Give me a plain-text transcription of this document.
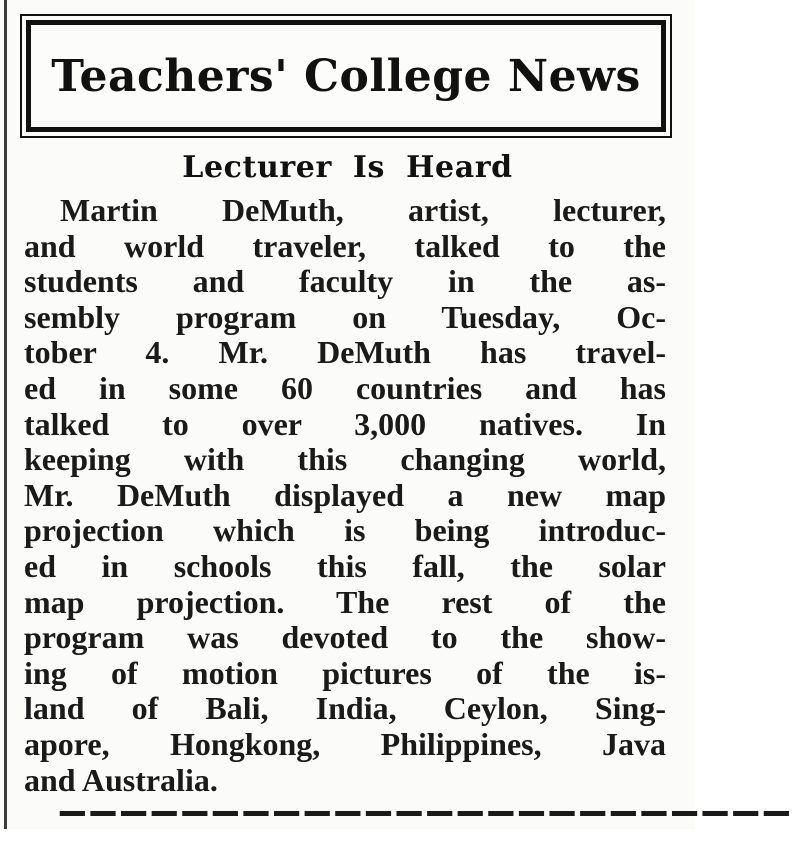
Teachers' College News
Lecturer Is Heard
Martin DeMuth, artist, lecturer,
and world traveler, talked to the
students and faculty in the as-
sembly program on Tuesday, Oc-
tober 4. Mr. DeMuth has travel-
ed in some 60 countries and has
talked to over 3,000 natives. In
keeping with this changing world,
Mr. DeMuth displayed a new map
projection which is being introduc-
ed in schools this fall, the solar
map projection. The rest of the
program was devoted to the show-
ing of motion pictures of the is-
land of Bali, India, Ceylon, Sing-
apore, Hongkong, Philippines, Java
and Australia.
▔▔▔▔▔▔▔▔▔▔▔▔▔▔▔▔▔▔▔▔▔▔▔▔
